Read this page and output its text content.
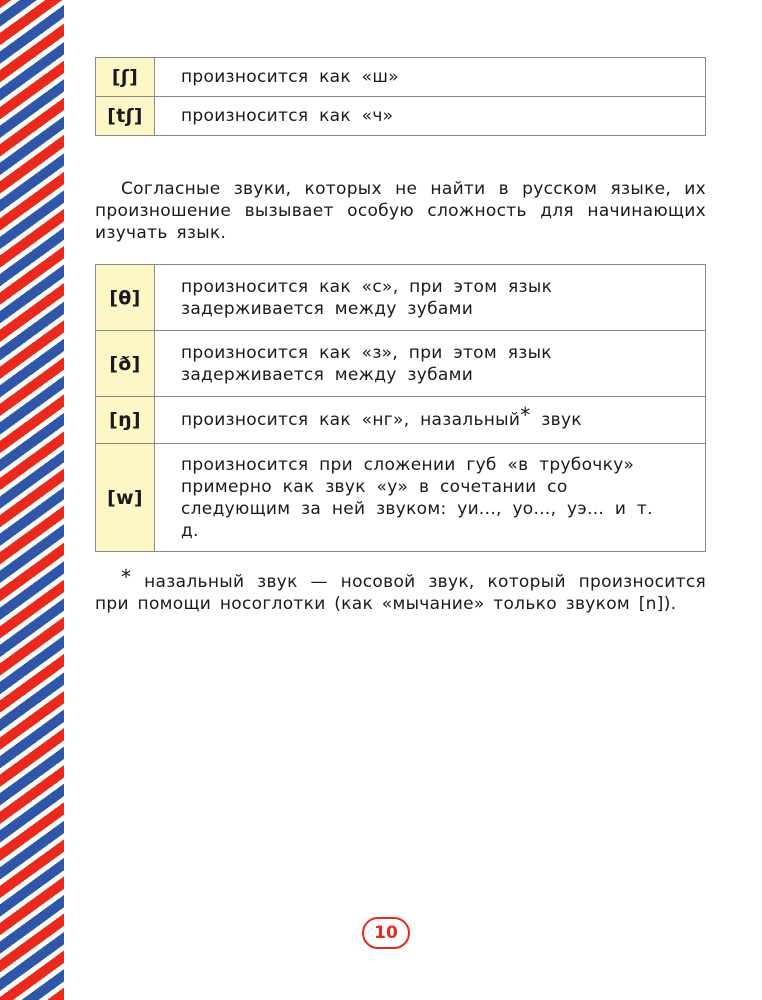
[ʃ]	произносится как «ш»
[tʃ]	произносится как «ч»

Согласные звуки, которых не найти в русском языке, их произношение вызывает особую сложность для начинающих изучать язык.

[θ]	произносится как «с», при этом язык задерживается между зубами
[ð]	произносится как «з», при этом язык задерживается между зубами
[ŋ]	произносится как «нг», назальный* звук
[w]	произносится при сложении губ «в трубочку» примерно как звук «у» в сочетании со следующим за ней звуком: уи..., уо..., уэ... и т. д.

* назальный звук — носовой звук, который произносится при помощи носоглотки (как «мычание» только звуком [n]).

10
